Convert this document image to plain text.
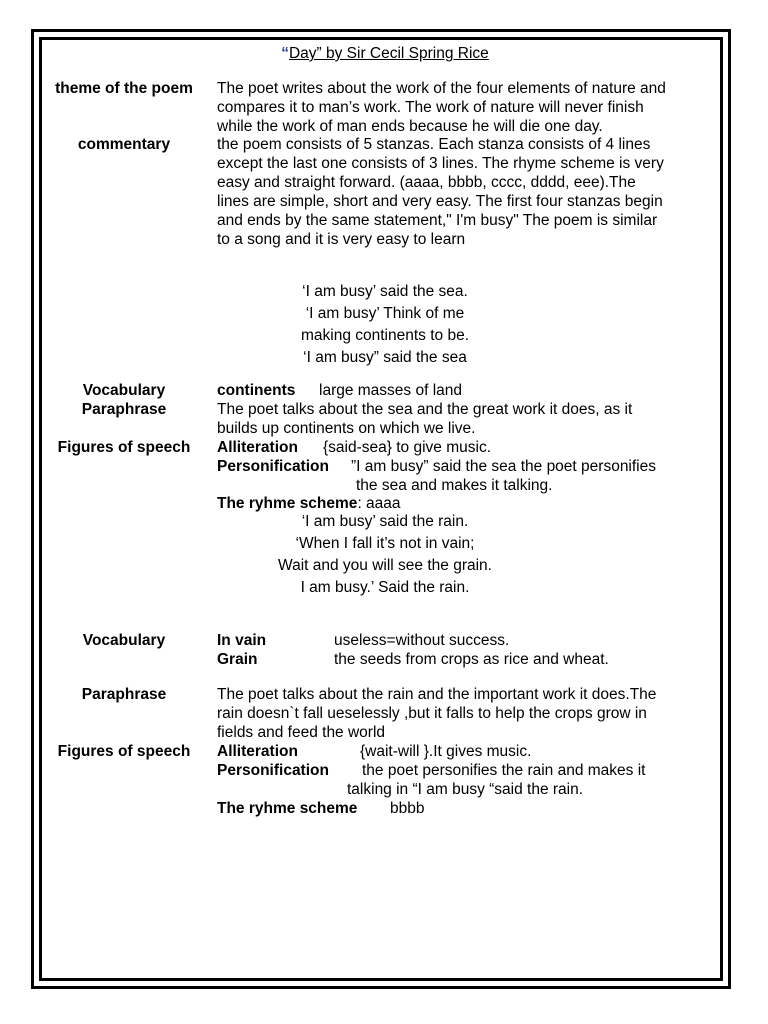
“Day” by Sir Cecil Spring Rice
theme of the poem	The poet writes about the work of the four elements of nature and
compares it to man’s work. The work of nature will never finish
while the work of man ends because he will die one day.
commentary	the poem consists of 5 stanzas. Each stanza consists of 4 lines
except the last one consists of 3 lines. The rhyme scheme is very
easy and straight forward. (aaaa, bbbb, cccc, dddd, eee).The
lines are simple, short and very easy. The first four stanzas begin
and ends by the same statement," I'm busy" The poem is similar
to a song and it is very easy to learn
‘I am busy’ said the sea.
‘I am busy’ Think of me
making continents to be.
‘I am busy” said the sea
Vocabulary	continents large masses of land
Paraphrase	The poet talks about the sea and the great work it does, as it
builds up continents on which we live.
Figures of speech	Alliteration {said-sea} to give music.
Personification ”I am busy” said the sea the poet personifies
the sea and makes it talking.
The ryhme scheme: aaaa
‘I am busy’ said the rain.
‘When I fall it’s not in vain;
Wait and you will see the grain.
I am busy.’ Said the rain.
Vocabulary	In vain	useless=without success.
Grain	the seeds from crops as rice and wheat.
Paraphrase	The poet talks about the rain and the important work it does.The
rain doesn`t fall ueselessly ,but it falls to help the crops grow in
fields and feed the world
Figures of speech	Alliteration	{wait-will }.It gives music.
Personification the poet personifies the rain and makes it
talking in “I am busy “said the rain.
The ryhme scheme bbbb
